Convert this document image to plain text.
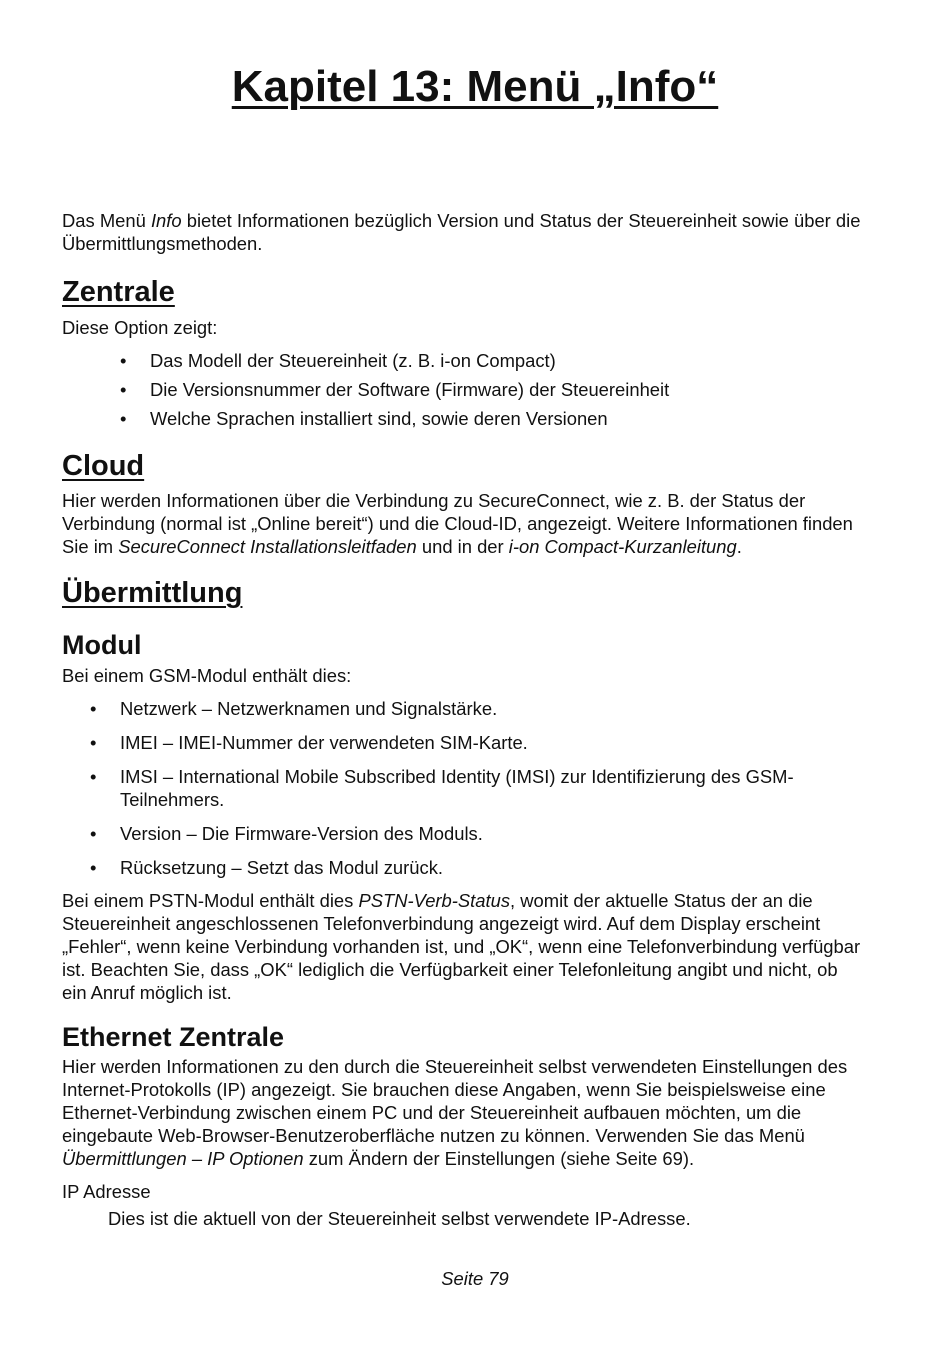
Kapitel 13: Menü „Info“

Das Menü Info bietet Informationen bezüglich Version und Status der Steuereinheit sowie über die Übermittlungsmethoden.

Zentrale

Diese Option zeigt:

• Das Modell der Steuereinheit (z. B. i-on Compact)
• Die Versionsnummer der Software (Firmware) der Steuereinheit
• Welche Sprachen installiert sind, sowie deren Versionen
Cloud

Hier werden Informationen über die Verbindung zu SecureConnect, wie z. B. der Status der Verbindung (normal ist „Online bereit“) und die Cloud-ID, angezeigt. Weitere Informationen finden Sie im SecureConnect Installationsleitfaden und in der i-on Compact-Kurzanleitung.

Übermittlung
Modul

Bei einem GSM-Modul enthält dies:

• Netzwerk – Netzwerknamen und Signalstärke.
• IMEI – IMEI-Nummer der verwendeten SIM-Karte.
• IMSI – International Mobile Subscribed Identity (IMSI) zur Identifizierung des GSM-Teilnehmers.
• Version – Die Firmware-Version des Moduls.
• Rücksetzung – Setzt das Modul zurück.

Bei einem PSTN-Modul enthält dies PSTN-Verb-Status, womit der aktuelle Status der an die Steuereinheit angeschlossenen Telefonverbindung angezeigt wird. Auf dem Display erscheint „Fehler“, wenn keine Verbindung vorhanden ist, und „OK“, wenn eine Telefonverbindung verfügbar ist. Beachten Sie, dass „OK“ lediglich die Verfügbarkeit einer Telefonleitung angibt und nicht, ob ein Anruf möglich ist.

Ethernet Zentrale

Hier werden Informationen zu den durch die Steuereinheit selbst verwendeten Einstellungen des Internet-Protokolls (IP) angezeigt. Sie brauchen diese Angaben, wenn Sie beispielsweise eine Ethernet-Verbindung zwischen einem PC und der Steuereinheit aufbauen möchten, um die eingebaute Web-Browser-Benutzeroberfläche nutzen zu können. Verwenden Sie das Menü Übermittlungen – IP Optionen zum Ändern der Einstellungen (siehe Seite 69).

IP Adresse

Dies ist die aktuell von der Steuereinheit selbst verwendete IP-Adresse.

Seite 79
